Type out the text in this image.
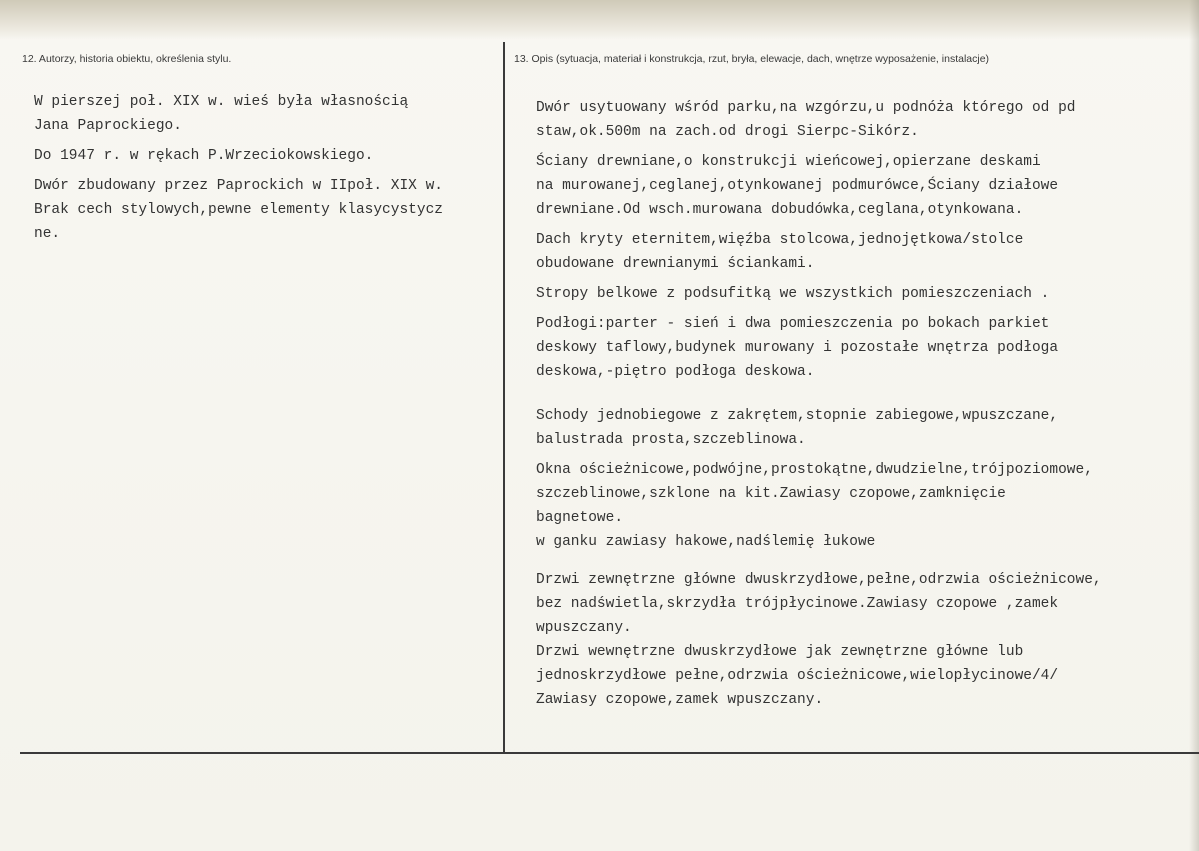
12. Autorzy, historia obiektu, określenia stylu.	13. Opis (sytuacja, materiał i konstrukcja, rzut, bryła, elewacje, dach, wnętrze wyposażenie, instalacje)
W pierszej poł. XIX w. wieś była własnością
Jana Paprockiego.
Do 1947 r. w rękach P.Wrzeciokowskiego.
Dwór zbudowany przez Paprockich w IIpoł. XIX w.
Brak cech stylowych,pewne elementy klasycystycz
ne.
Dwór usytuowany wśród parku,na wzgórzu,u podnóża którego od pd
staw,ok.500m na zach.od drogi Sierpc-Sikórz.
Ściany drewniane,o konstrukcji wieńcowej,opierzane deskami
na murowanej,ceglanej,otynkowanej podmurówce,Ściany działowe
drewniane.Od wsch.murowana dobudówka,ceglana,otynkowana.
Dach kryty eternitem,więźba stolcowa,jednojętkowa/stolce
obudowane drewnianymi ściankami.
Stropy belkowe z podsufitką we wszystkich pomieszczeniach .
Podłogi:parter - sień i dwa pomieszczenia po bokach parkiet
deskowy taflowy,budynek murowany i pozostałe wnętrza podłoga
deskowa,-piętro podłoga deskowa.
Schody jednobiegowe z zakrętem,stopnie zabiegowe,wpuszczane,
balustrada prosta,szczeblinowa.
Okna ościeżnicowe,podwójne,prostokątne,dwudzielne,trójpoziomowe,
szczeblinowe,szklone na kit.Zawiasy czopowe,zamknięcie
bagnetowe.
w ganku zawiasy hakowe,nadślemię łukowe
Drzwi zewnętrzne główne dwuskrzydłowe,pełne,odrzwia ościeżnicowe,
bez nadświetla,skrzydła trójpłycinowe.Zawiasy czopowe ,zamek
wpuszczany.
Drzwi wewnętrzne dwuskrzydłowe jak zewnętrzne główne lub
jednoskrzydłowe pełne,odrzwia ościeżnicowe,wielopłycinowe/4/
Zawiasy czopowe,zamek wpuszczany.
